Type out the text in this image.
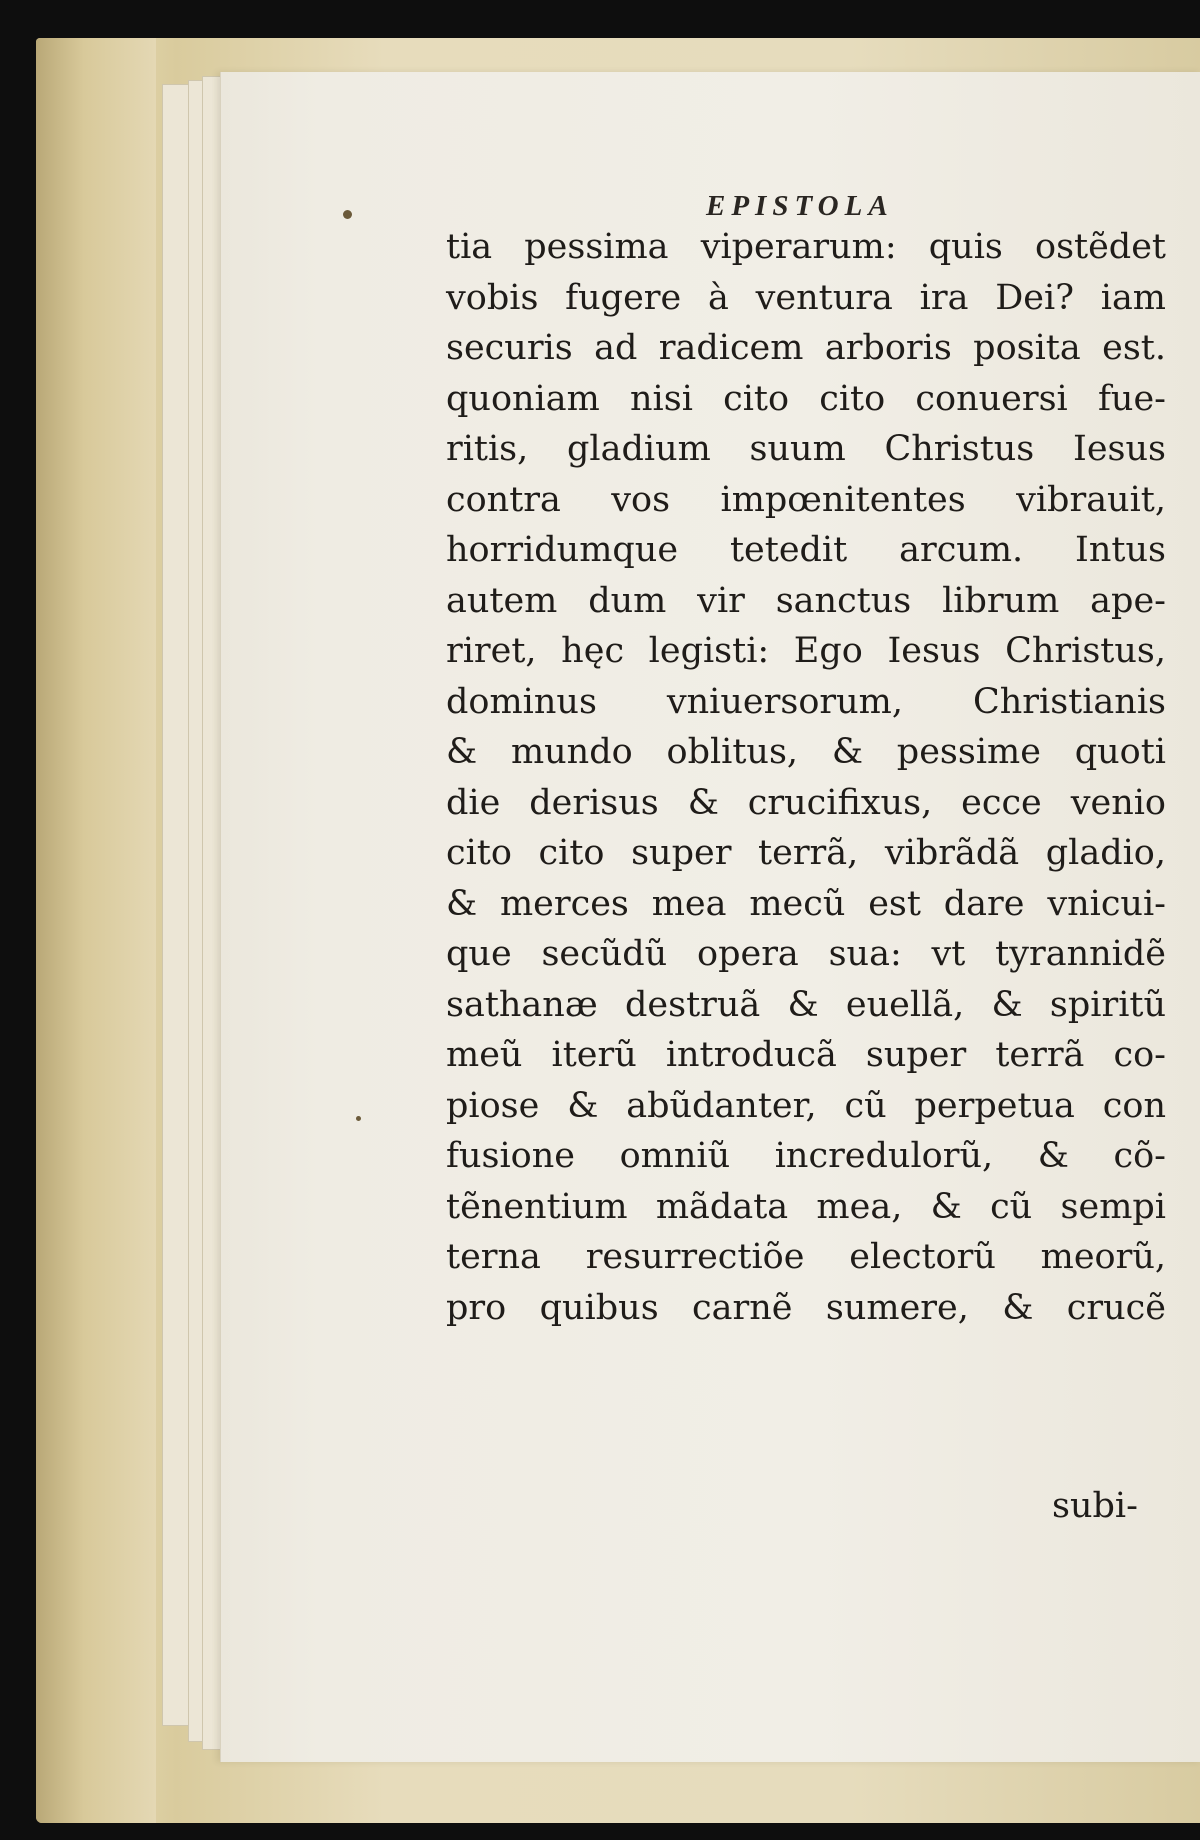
EPISTOLA
tia pessima viperarum: quis ostẽdet
vobis fugere à ventura ira Dei? iam
securis ad radicem arboris posita est.
quoniam nisi cito cito conuersi fue-
ritis, gladium suum Christus Iesus
contra vos impœnitentes vibrauit,
horridumque tetedit arcum. Intus
autem dum vir sanctus librum ape-
riret, hęc legisti: Ego Iesus Christus,
dominus vniuersorum, Christianis
& mundo oblitus, & pessime quoti
die derisus & crucifixus, ecce venio
cito cito super terrã, vibrãdã gladio,
& merces mea mecũ est dare vnicui-
que secũdũ opera sua: vt tyrannidẽ
sathanæ destruã & euellã, & spiritũ
meũ iterũ introducã super terrã co-
piose & abũdanter, cũ perpetua con
fusione omniũ incredulorũ, & cõ-
tẽnentium mãdata mea, & cũ sempi
terna resurrectiõe electorũ meorũ,
pro quibus carnẽ sumere, & crucẽ
subi-
